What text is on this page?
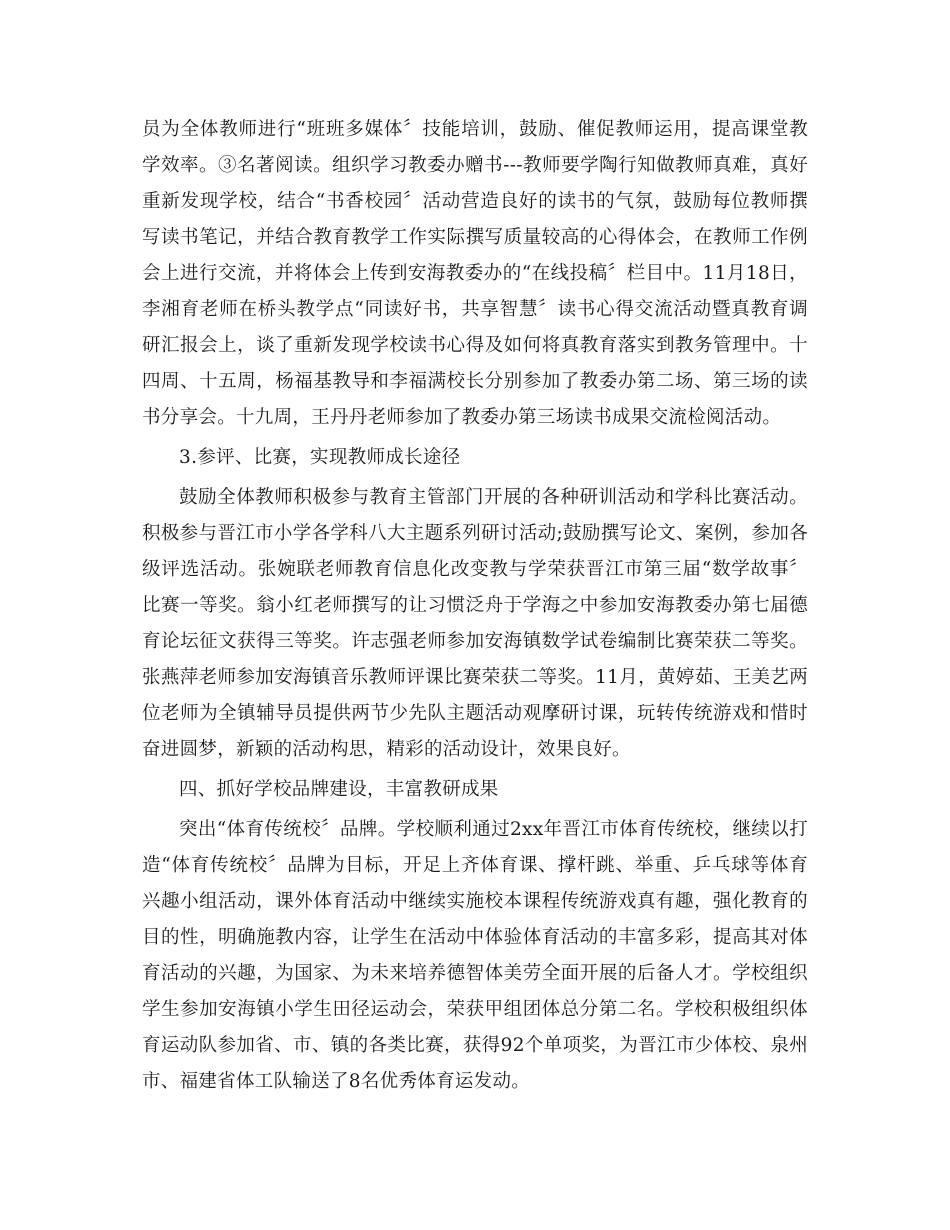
员为全体教师进行“班班多媒体〞技能培训，鼓励、催促教师运用，提高课堂教学效率。③名著阅读。组织学习教委办赠书---教师要学陶行知做教师真难，真好重新发现学校，结合“书香校园〞活动营造良好的读书的气氛，鼓励每位教师撰写读书笔记，并结合教育教学工作实际撰写质量较高的心得体会，在教师工作例会上进行交流，并将体会上传到安海教委办的“在线投稿〞栏目中。11月18日，李湘育老师在桥头教学点“同读好书，共享智慧〞读书心得交流活动暨真教育调研汇报会上，谈了重新发现学校读书心得及如何将真教育落实到教务管理中。十四周、十五周，杨福基教导和李福满校长分别参加了教委办第二场、第三场的读书分享会。十九周，王丹丹老师参加了教委办第三场读书成果交流检阅活动。

3.参评、比赛，实现教师成长途径

鼓励全体教师积极参与教育主管部门开展的各种研训活动和学科比赛活动。积极参与晋江市小学各学科八大主题系列研讨活动;鼓励撰写论文、案例，参加各级评选活动。张婉联老师教育信息化改变教与学荣获晋江市第三届“数学故事〞比赛一等奖。翁小红老师撰写的让习惯泛舟于学海之中参加安海教委办第七届德育论坛征文获得三等奖。许志强老师参加安海镇数学试卷编制比赛荣获二等奖。张燕萍老师参加安海镇音乐教师评课比赛荣获二等奖。11月，黄婷茹、王美艺两位老师为全镇辅导员提供两节少先队主题活动观摩研讨课，玩转传统游戏和惜时奋进圆梦，新颖的活动构思，精彩的活动设计，效果良好。

四、抓好学校品牌建设，丰富教研成果

突出“体育传统校〞品牌。学校顺利通过2xx年晋江市体育传统校，继续以打造“体育传统校〞品牌为目标，开足上齐体育课、撑杆跳、举重、乒乓球等体育兴趣小组活动，课外体育活动中继续实施校本课程传统游戏真有趣，强化教育的目的性，明确施教内容，让学生在活动中体验体育活动的丰富多彩，提高其对体育活动的兴趣，为国家、为未来培养德智体美劳全面开展的后备人才。学校组织学生参加安海镇小学生田径运动会，荣获甲组团体总分第二名。学校积极组织体育运动队参加省、市、镇的各类比赛，获得92个单项奖，为晋江市少体校、泉州市、福建省体工队输送了8名优秀体育运发动。
